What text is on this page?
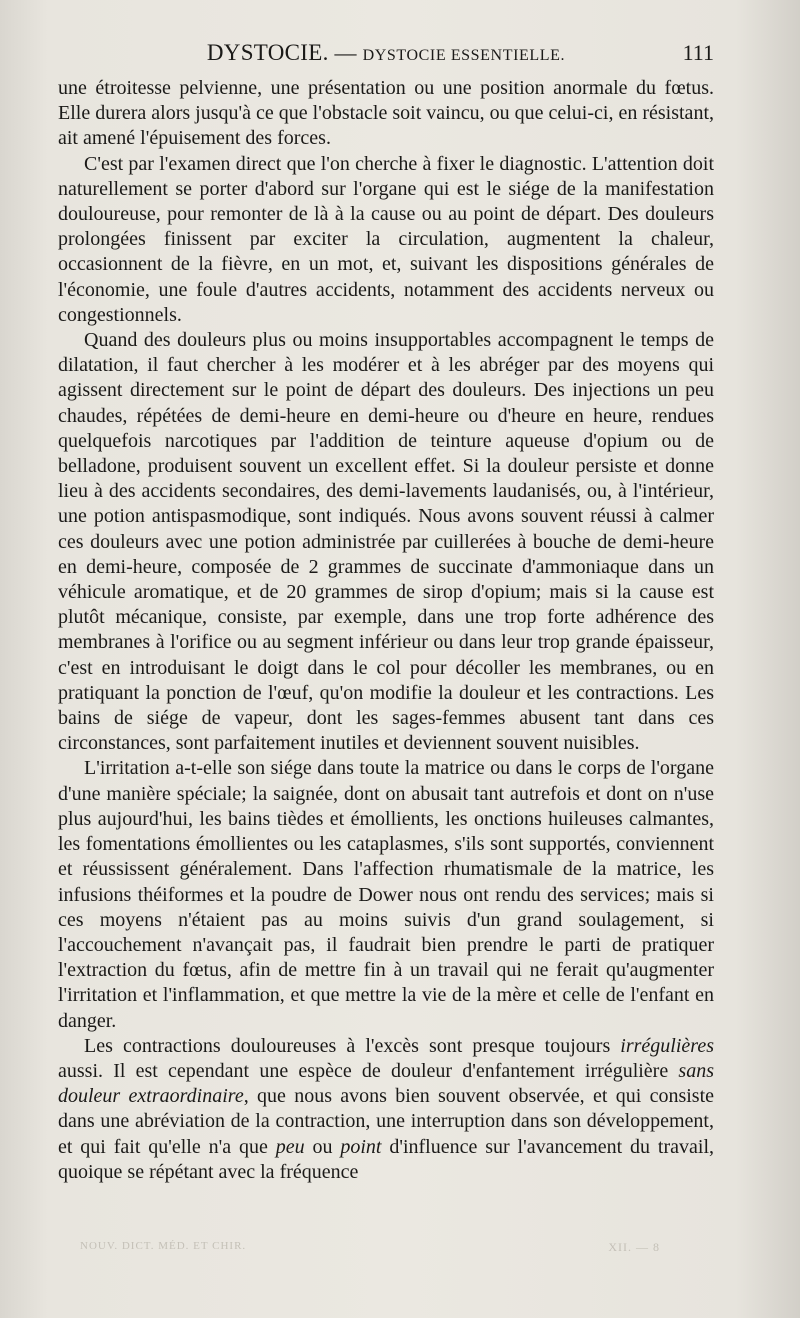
DYSTOCIE. — DYSTOCIE ESSENTIELLE.	111

une étroitesse pelvienne, une présentation ou une position anormale du fœtus. Elle durera alors jusqu'à ce que l'obstacle soit vaincu, ou que celui-ci, en résistant, ait amené l'épuisement des forces.

C'est par l'examen direct que l'on cherche à fixer le diagnostic. L'attention doit naturellement se porter d'abord sur l'organe qui est le siége de la manifestation douloureuse, pour remonter de là à la cause ou au point de départ. Des douleurs prolongées finissent par exciter la circulation, augmentent la chaleur, occasionnent de la fièvre, en un mot, et, suivant les dispositions générales de l'économie, une foule d'autres accidents, notamment des accidents nerveux ou congestionnels.

Quand des douleurs plus ou moins insupportables accompagnent le temps de dilatation, il faut chercher à les modérer et à les abréger par des moyens qui agissent directement sur le point de départ des douleurs. Des injections un peu chaudes, répétées de demi-heure en demi-heure ou d'heure en heure, rendues quelquefois narcotiques par l'addition de teinture aqueuse d'opium ou de belladone, produisent souvent un excellent effet. Si la douleur persiste et donne lieu à des accidents secondaires, des demi-lavements laudanisés, ou, à l'intérieur, une potion antispasmodique, sont indiqués. Nous avons souvent réussi à calmer ces douleurs avec une potion administrée par cuillerées à bouche de demi-heure en demi-heure, composée de 2 grammes de succinate d'ammoniaque dans un véhicule aromatique, et de 20 grammes de sirop d'opium; mais si la cause est plutôt mécanique, consiste, par exemple, dans une trop forte adhérence des membranes à l'orifice ou au segment inférieur ou dans leur trop grande épaisseur, c'est en introduisant le doigt dans le col pour décoller les membranes, ou en pratiquant la ponction de l'œuf, qu'on modifie la douleur et les contractions. Les bains de siége de vapeur, dont les sages-femmes abusent tant dans ces circonstances, sont parfaitement inutiles et deviennent souvent nuisibles.

L'irritation a-t-elle son siége dans toute la matrice ou dans le corps de l'organe d'une manière spéciale; la saignée, dont on abusait tant autrefois et dont on n'use plus aujourd'hui, les bains tièdes et émollients, les onctions huileuses calmantes, les fomentations émollientes ou les cataplasmes, s'ils sont supportés, conviennent et réussissent généralement. Dans l'affection rhumatismale de la matrice, les infusions théiformes et la poudre de Dower nous ont rendu des services; mais si ces moyens n'étaient pas au moins suivis d'un grand soulagement, si l'accouchement n'avançait pas, il faudrait bien prendre le parti de pratiquer l'extraction du fœtus, afin de mettre fin à un travail qui ne ferait qu'augmenter l'irritation et l'inflammation, et que mettre la vie de la mère et celle de l'enfant en danger.

Les contractions douloureuses à l'excès sont presque toujours irrégulières aussi. Il est cependant une espèce de douleur d'enfantement irrégulière sans douleur extraordinaire, que nous avons bien souvent observée, et qui consiste dans une abréviation de la contraction, une interruption dans son développement, et qui fait qu'elle n'a que peu ou point d'influence sur l'avancement du travail, quoique se répétant avec la fréquence

NOUV. DICT. MÉD. ET CHIR.	XII. — 8
